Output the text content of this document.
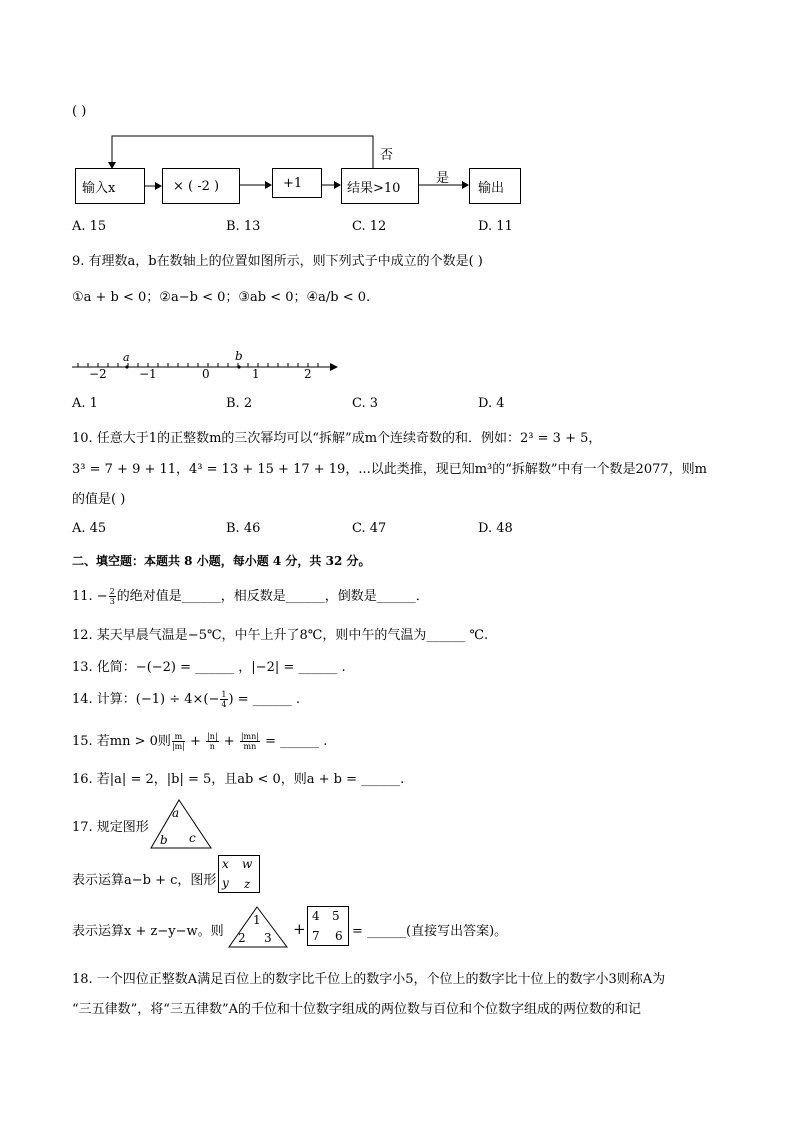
( )
输入x	× ( -2 )	+1	结果>10
否
是
输出
A. 15	B. 13	C. 12	D. 11
9. 有理数a，b在数轴上的位置如图所示，则下列式子中成立的个数是( )
①a + b < 0；②a−b < 0；③ab < 0；④a/b < 0.
a	b
−2	−1	0	1	2
A. 1	B. 2	C. 3	D. 4
10. 任意大于1的正整数m的三次幂均可以“拆解”成m个连续奇数的和．例如：2³ = 3 + 5，
3³ = 7 + 9 + 11，4³ = 13 + 15 + 17 + 19，...以此类推，现已知m³的“拆解数”中有一个数是2077，则m
的值是( )
A. 45	B. 46	C. 47	D. 48
二、填空题：本题共 8 小题，每小题 4 分，共 32 分。
11. − $\frac{2}{3}$ 的绝对值是______，相反数是______，倒数是______．
12. 某天早晨气温是−5℃，中午上升了8℃，则中午的气温为______ ℃.
13. 化简：−(−2) = ______ ，|−2| = ______ .
14. 计算：$(-1) \div 4\times(- \frac{1}{4}$ ) = ______ .
15. 若mn > 0则 $\frac{m}{|m|} + \frac{|n|}{n} + \frac{|mn|}{mn}$ = ______ .
16. 若|a| = 2，|b| = 5，且ab < 0，则a + b = ______.
17. 规定图形
a
b c
表示运算a−b + c，图形
x w
y z
表示运算x + z−y−w。则
1
2 3 +
4 5
7 6 = ______(直接写出答案)。
18. 一个四位正整数A满足百位上的数字比千位上的数字小5，个位上的数字比十位上的数字小3则称A为
“三五律数”，将“三五律数”A的千位和十位数字组成的两位数与百位和个位数字组成的两位数的和记
